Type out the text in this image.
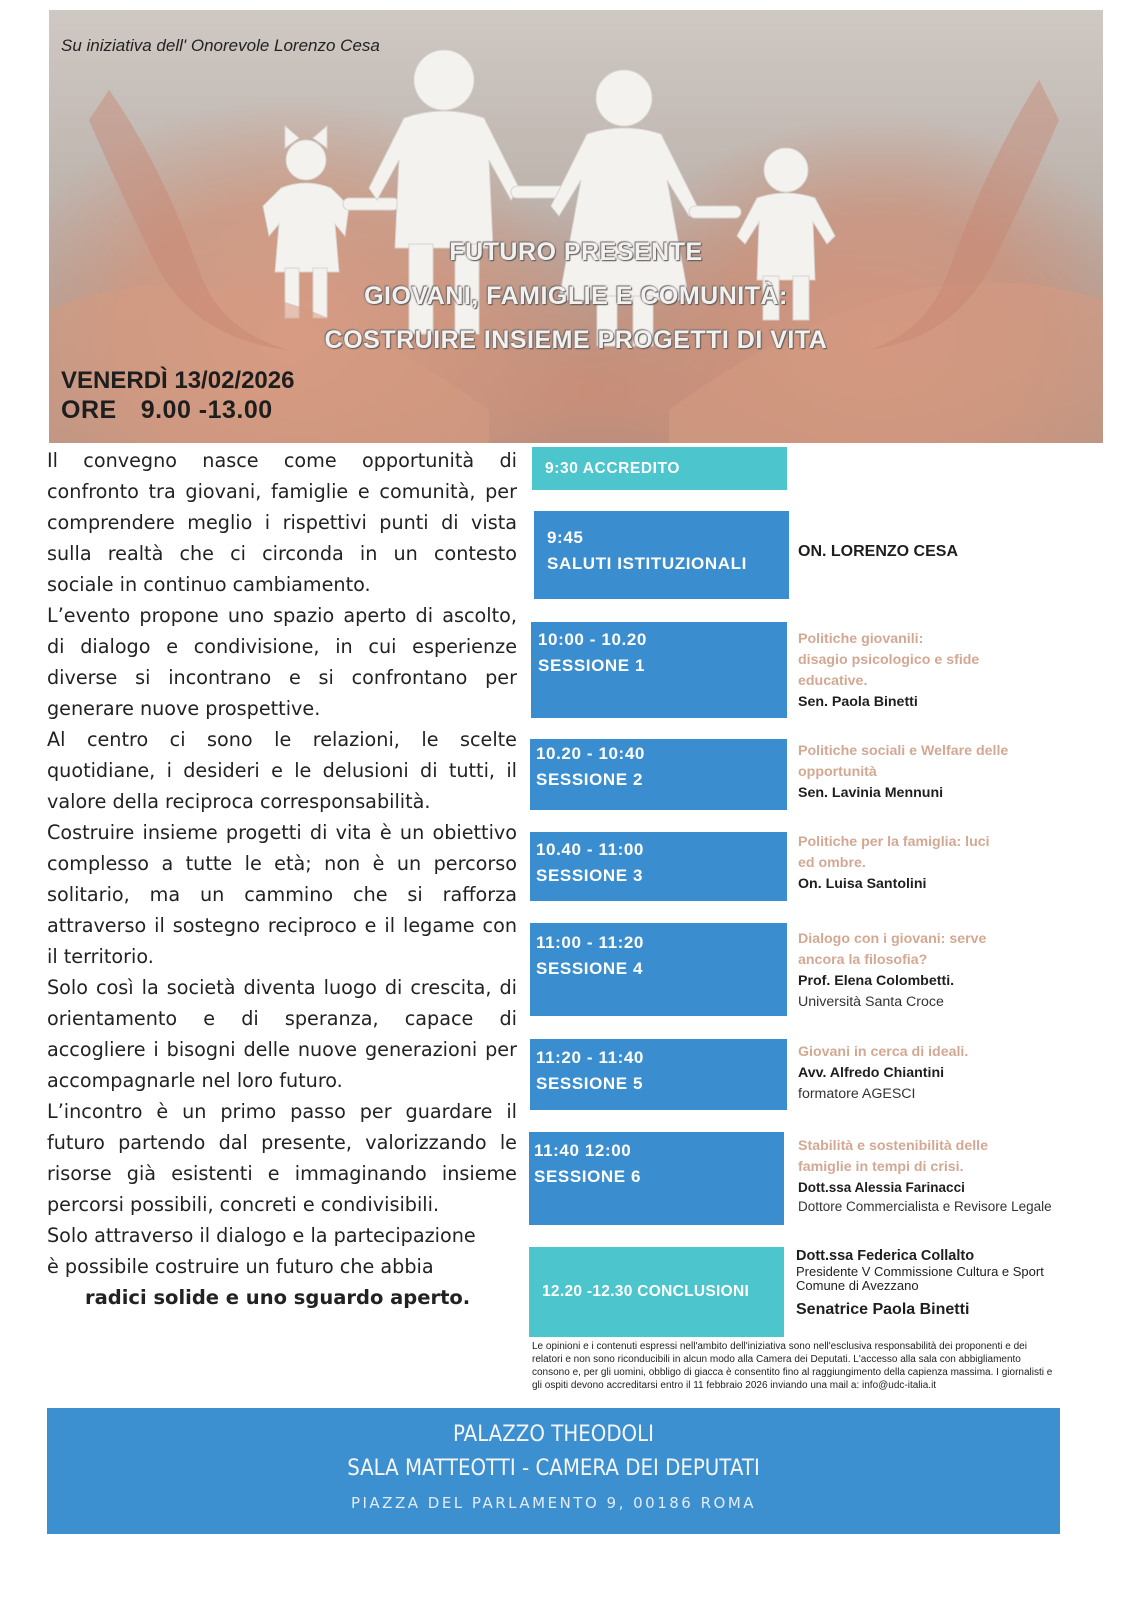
Su iniziativa dell' Onorevole Lorenzo Cesa

FUTURO PRESENTE
GIOVANI, FAMIGLIE E COMUNITÀ:
COSTRUIRE INSIEME PROGETTI DI VITA

VENERDÌ 13/02/2026

ORE 9.00 -13.00

Il convegno nasce come opportunità di confronto tra giovani, famiglie e comunità, per comprendere meglio i rispettivi punti di vista sulla realtà che ci circonda in un contesto sociale in continuo cambiamento.

L’evento propone uno spazio aperto di ascolto, di dialogo e condivisione, in cui esperienze diverse si incontrano e si confrontano per generare nuove prospettive.

Al centro ci sono le relazioni, le scelte quotidiane, i desideri e le delusioni di tutti, il valore della reciproca corresponsabilità.

Costruire insieme progetti di vita è un obiettivo complesso a tutte le età; non è un percorso solitario, ma un cammino che si rafforza attraverso il sostegno reciproco e il legame con il territorio.

Solo così la società diventa luogo di crescita, di orientamento e di speranza, capace di accogliere i bisogni delle nuove generazioni per accompagnarle nel loro futuro.

L’incontro è un primo passo per guardare il futuro partendo dal presente, valorizzando le risorse già esistenti e immaginando insieme percorsi possibili, concreti e condivisibili.

Solo attraverso il dialogo e la partecipazione

è possibile costruire un futuro che abbia

radici solide e uno sguardo aperto.

9:30 ACCREDITO
9:45
SALUTI ISTITUZIONALI
ON. LORENZO CESA
10:00 - 10.20
SESSIONE 1
Politiche giovanili:
disagio psicologico e sfide
educative.
Sen. Paola Binetti
10.20 - 10:40
SESSIONE 2
Politiche sociali e Welfare delle
opportunità
Sen. Lavinia Mennuni
10.40 - 11:00
SESSIONE 3
Politiche per la famiglia: luci
ed ombre.
On. Luisa Santolini
11:00 - 11:20
SESSIONE 4
Dialogo con i giovani: serve
ancora la filosofia?
Prof. Elena Colombetti.
Università Santa Croce
11:20 - 11:40
SESSIONE 5
Giovani in cerca di ideali.
Avv. Alfredo Chiantini
formatore AGESCI
11:40 12:00
SESSIONE 6
Stabilità e sostenibilità delle
famiglie in tempi di crisi.
Dott.ssa Alessia Farinacci
Dottore Commercialista e Revisore Legale
12.20 -12.30 CONCLUSIONI
Dott.ssa Federica Collalto
Presidente V Commissione Cultura e Sport
Comune di Avezzano
Senatrice Paola Binetti

Le opinioni e i contenuti espressi nell'ambito dell'iniziativa sono nell'esclusiva responsabilità dei proponenti e dei relatori e non sono riconducibili in alcun modo alla Camera dei Deputati. L'accesso alla sala con abbigliamento consono e, per gli uomini, obbligo di giacca è consentito fino al raggiungimento della capienza massima. I giornalisti e gli ospiti devono accreditarsi entro il 11 febbraio 2026 inviando una mail a: info@udc-italia.it

PALAZZO THEODOLI

SALA MATTEOTTI - CAMERA DEI DEPUTATI

PIAZZA DEL PARLAMENTO 9, 00186 ROMA
